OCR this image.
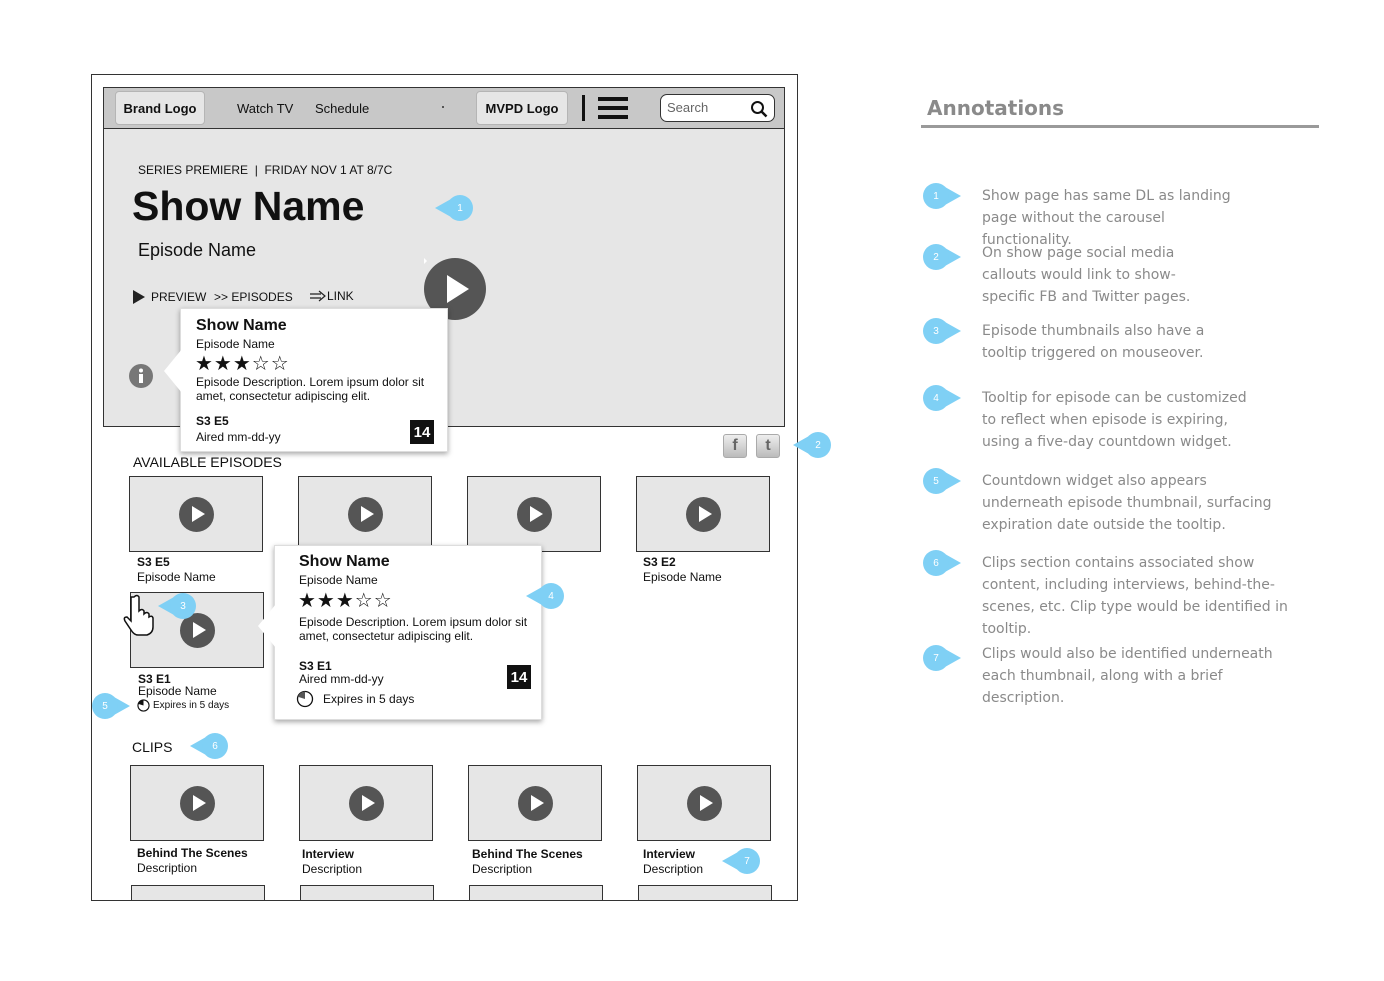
Brand Logo	Watch TV Schedule	MVPD Logo	Search
SERIES PREMIERE  |  FRIDAY NOV 1 AT 8/7C
Show Name
Episode Name
PREVIEW >> EPISODES	LINK
Show Name
Episode Name
★★★☆☆
Episode Description. Lorem ipsum dolor sit amet, consectetur adipiscing elit.
S3 E5
Aired mm-dd-yy	14
f	t
AVAILABLE EPISODES
S3 E5
Episode Name
S3 E2
Episode Name
S3 E1
Episode Name
Expires in 5 days
Show Name
Episode Name
★★★☆☆
Episode Description. Lorem ipsum dolor sit amet, consectetur adipiscing elit.
S3 E1
Aired mm-dd-yy	14
Expires in 5 days
CLIPS
Behind The Scenes
Description
Interview
Description
Behind The Scenes
Description
Interview
Description
1
2
3
4
5
6
7
Annotations
1	Show page has same DL as landing page without the carousel functionality.
2	On show page social media callouts would link to show-specific FB and Twitter pages.
3	Episode thumbnails also have a tooltip triggered on mouseover.
4	Tooltip for episode can be customized to reflect when episode is expiring, using a five-day countdown widget.
5	Countdown widget also appears underneath episode thumbnail, surfacing expiration date outside the tooltip.
6	Clips section contains associated show content, including interviews, behind-the-scenes, etc. Clip type would be identified in tooltip.
7	Clips would also be identified underneath each thumbnail, along with a brief description.
